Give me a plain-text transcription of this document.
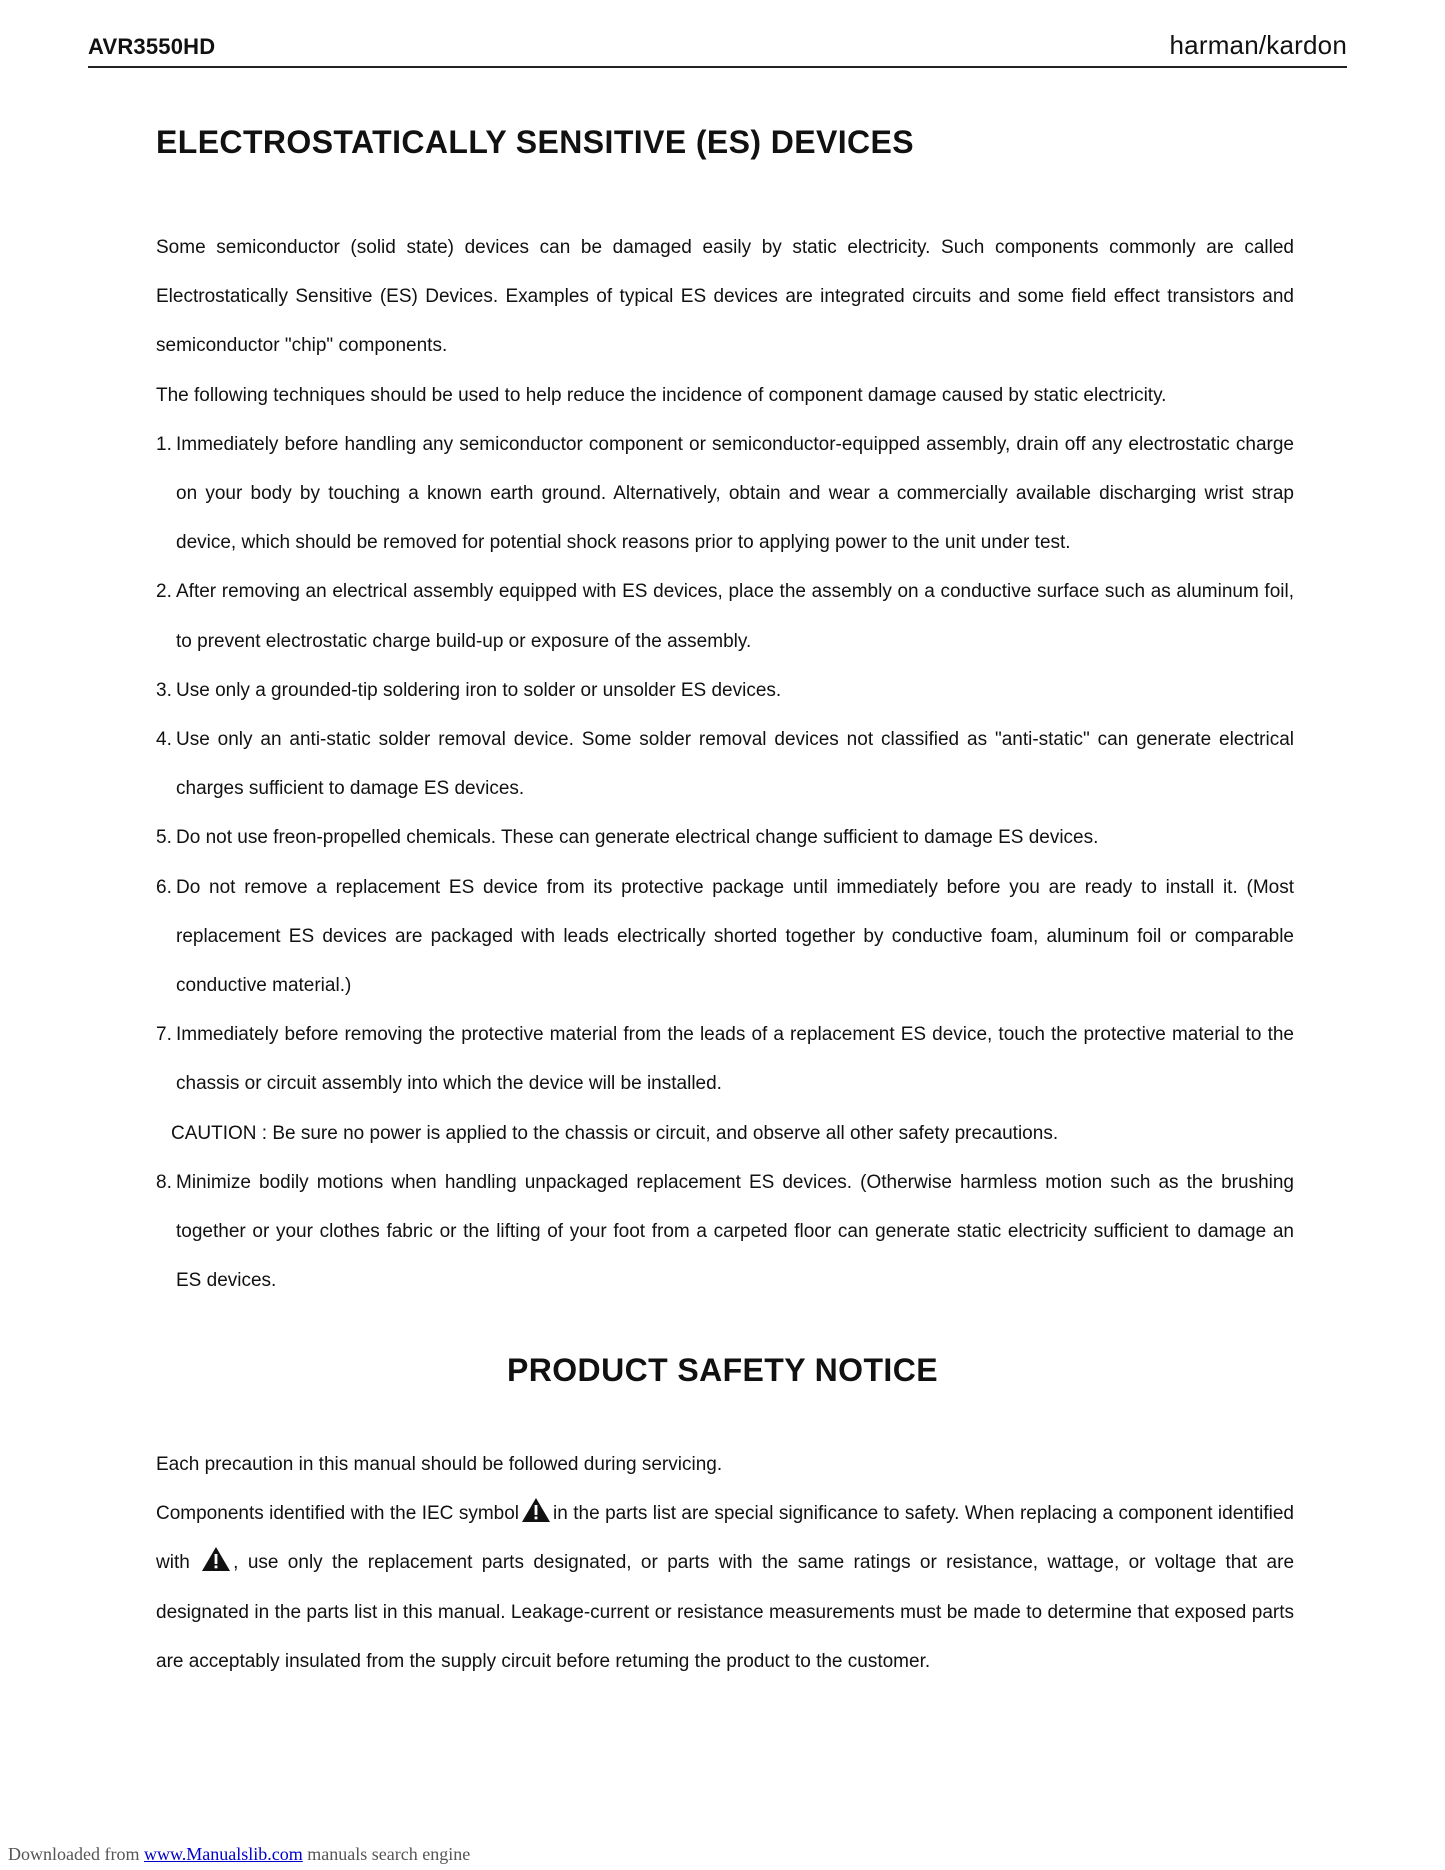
AVR3550HD	harman/kardon
ELECTROSTATICALLY SENSITIVE (ES) DEVICES

Some semiconductor (solid state) devices can be damaged easily by static electricity. Such components commonly are called Electrostatically Sensitive (ES) Devices. Examples of typical ES devices are integrated circuits and some field effect transistors and semiconductor "chip" components.

The following techniques should be used to help reduce the incidence of component damage caused by static electricity.

1. Immediately before handling any semiconductor component or semiconductor-equipped assembly, drain off any electrostatic charge on your body by touching a known earth ground. Alternatively, obtain and wear a commercially available discharging wrist strap device, which should be removed for potential shock reasons prior to applying power to the unit under test.
2. After removing an electrical assembly equipped with ES devices, place the assembly on a conductive surface such as aluminum foil, to prevent electrostatic charge build-up or exposure of the assembly.
3. Use only a grounded-tip soldering iron to solder or unsolder ES devices.
4. Use only an anti-static solder removal device. Some solder removal devices not classified as "anti-static" can generate electrical charges sufficient to damage ES devices.
5. Do not use freon-propelled chemicals. These can generate electrical change sufficient to damage ES devices.
6. Do not remove a replacement ES device from its protective package until immediately before you are ready to install it. (Most replacement ES devices are packaged with leads electrically shorted together by conductive foam, aluminum foil or comparable conductive material.)
7. Immediately before removing the protective material from the leads of a replacement ES device, touch the protective material to the chassis or circuit assembly into which the device will be installed.

CAUTION : Be sure no power is applied to the chassis or circuit, and observe all other safety precautions.

8. Minimize bodily motions when handling unpackaged replacement ES devices. (Otherwise harmless motion such as the brushing together or your clothes fabric or the lifting of your foot from a carpeted floor can generate static electricity sufficient to damage an ES devices.
PRODUCT SAFETY NOTICE

Each precaution in this manual should be followed during servicing.

Components identified with the IEC symbol in the parts list are special significance to safety. When replacing a component identified with , use only the replacement parts designated, or parts with the same ratings or resistance, wattage, or voltage that are designated in the parts list in this manual. Leakage-current or resistance measurements must be made to determine that exposed parts are acceptably insulated from the supply circuit before retuming the product to the customer.

Downloaded from www.Manualslib.com manuals search engine
